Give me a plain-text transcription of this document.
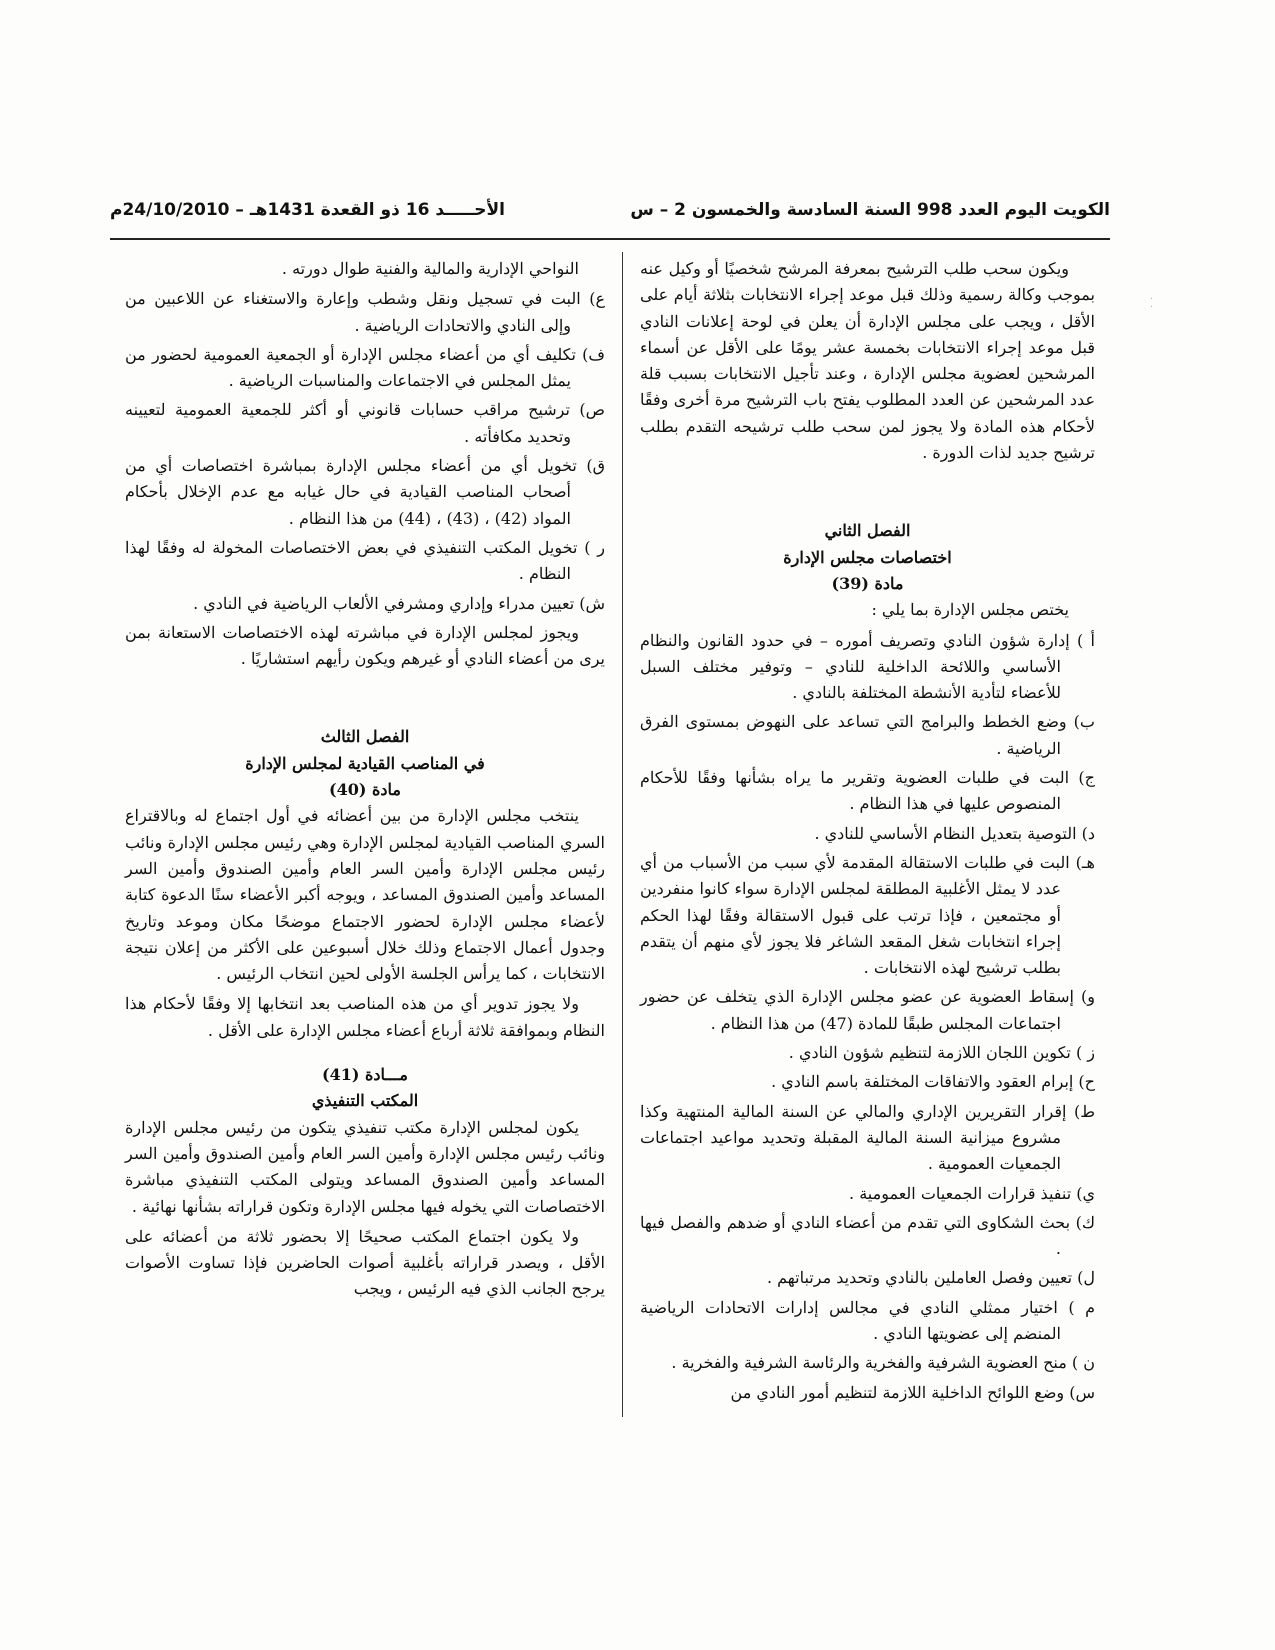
الكويت اليوم العدد 998 السنة السادسة والخمسون 2 – س
الأحـــــد 16 ذو القعدة 1431هـ – 24/10/2010م
·
·

ويكون سحب طلب الترشيح بمعرفة المرشح شخصيًا أو وكيل عنه بموجب وكالة رسمية وذلك قبل موعد إجراء الانتخابات بثلاثة أيام على الأقل ، ويجب على مجلس الإدارة أن يعلن في لوحة إعلانات النادي قبل موعد إجراء الانتخابات بخمسة عشر يومًا على الأقل عن أسماء المرشحين لعضوية مجلس الإدارة ، وعند تأجيل الانتخابات بسبب قلة عدد المرشحين عن العدد المطلوب يفتح باب الترشيح مرة أخرى وفقًا لأحكام هذه المادة ولا يجوز لمن سحب طلب ترشيحه التقدم بطلب ترشيح جديد لذات الدورة .

الفصل الثاني

اختصاصات مجلس الإدارة

مادة (39)

يختص مجلس الإدارة بما يلي :

أ ) إدارة شؤون النادي وتصريف أموره – في حدود القانون والنظام الأساسي واللائحة الداخلية للنادي – وتوفير مختلف السبل للأعضاء لتأدية الأنشطة المختلفة بالنادي .

ب) وضع الخطط والبرامج التي تساعد على النهوض بمستوى الفرق الرياضية .

ج) البت في طلبات العضوية وتقرير ما يراه بشأنها وفقًا للأحكام المنصوص عليها في هذا النظام .

د) التوصية بتعديل النظام الأساسي للنادي .

هـ) البت في طلبات الاستقالة المقدمة لأي سبب من الأسباب من أي عدد لا يمثل الأغلبية المطلقة لمجلس الإدارة سواء كانوا منفردين أو مجتمعين ، فإذا ترتب على قبول الاستقالة وفقًا لهذا الحكم إجراء انتخابات شغل المقعد الشاغر فلا يجوز لأي منهم أن يتقدم بطلب ترشيح لهذه الانتخابات .

و) إسقاط العضوية عن عضو مجلس الإدارة الذي يتخلف عن حضور اجتماعات المجلس طبقًا للمادة (47) من هذا النظام .

ز ) تكوين اللجان اللازمة لتنظيم شؤون النادي .

ح) إبرام العقود والاتفاقات المختلفة باسم النادي .

ط) إقرار التقريرين الإداري والمالي عن السنة المالية المنتهية وكذا مشروع ميزانية السنة المالية المقبلة وتحديد مواعيد اجتماعات الجمعيات العمومية .

ي) تنفيذ قرارات الجمعيات العمومية .

ك) بحث الشكاوى التي تقدم من أعضاء النادي أو ضدهم والفصل فيها .

ل) تعيين وفصل العاملين بالنادي وتحديد مرتباتهم .

م ) اختيار ممثلي النادي في مجالس إدارات الاتحادات الرياضية المنضم إلى عضويتها النادي .

ن ) منح العضوية الشرفية والفخرية والرئاسة الشرفية والفخرية .

س) وضع اللوائح الداخلية اللازمة لتنظيم أمور النادي من

النواحي الإدارية والمالية والفنية طوال دورته .

ع) البت في تسجيل ونقل وشطب وإعارة والاستغناء عن اللاعبين من وإلى النادي والاتحادات الرياضية .

ف) تكليف أي من أعضاء مجلس الإدارة أو الجمعية العمومية لحضور من يمثل المجلس في الاجتماعات والمناسبات الرياضية .

ص) ترشيح مراقب حسابات قانوني أو أكثر للجمعية العمومية لتعيينه وتحديد مكافأته .

ق) تخويل أي من أعضاء مجلس الإدارة بمباشرة اختصاصات أي من أصحاب المناصب القيادية في حال غيابه مع عدم الإخلال بأحكام المواد (42) ، (43) ، (44) من هذا النظام .

ر ) تخويل المكتب التنفيذي في بعض الاختصاصات المخولة له وفقًا لهذا النظام .

ش) تعيين مدراء وإداري ومشرفي الألعاب الرياضية في النادي .

ويجوز لمجلس الإدارة في مباشرته لهذه الاختصاصات الاستعانة بمن يرى من أعضاء النادي أو غيرهم ويكون رأيهم استشاريًا .

الفصل الثالث

في المناصب القيادية لمجلس الإدارة

مادة (40)

ينتخب مجلس الإدارة من بين أعضائه في أول اجتماع له وبالاقتراع السري المناصب القيادية لمجلس الإدارة وهي رئيس مجلس الإدارة ونائب رئيس مجلس الإدارة وأمين السر العام وأمين الصندوق وأمين السر المساعد وأمين الصندوق المساعد ، ويوجه أكبر الأعضاء سنًا الدعوة كتابة لأعضاء مجلس الإدارة لحضور الاجتماع موضحًا مكان وموعد وتاريخ وجدول أعمال الاجتماع وذلك خلال أسبوعين على الأكثر من إعلان نتيجة الانتخابات ، كما يرأس الجلسة الأولى لحين انتخاب الرئيس .

ولا يجوز تدوير أي من هذه المناصب بعد انتخابها إلا وفقًا لأحكام هذا النظام وبموافقة ثلاثة أرباع أعضاء مجلس الإدارة على الأقل .

مـــادة (41)

المكتب التنفيذي

يكون لمجلس الإدارة مكتب تنفيذي يتكون من رئيس مجلس الإدارة ونائب رئيس مجلس الإدارة وأمين السر العام وأمين الصندوق وأمين السر المساعد وأمين الصندوق المساعد ويتولى المكتب التنفيذي مباشرة الاختصاصات التي يخوله فيها مجلس الإدارة وتكون قراراته بشأنها نهائية .

ولا يكون اجتماع المكتب صحيحًا إلا بحضور ثلاثة من أعضائه على الأقل ، ويصدر قراراته بأغلبية أصوات الحاضرين فإذا تساوت الأصوات يرجح الجانب الذي فيه الرئيس ، ويجب
